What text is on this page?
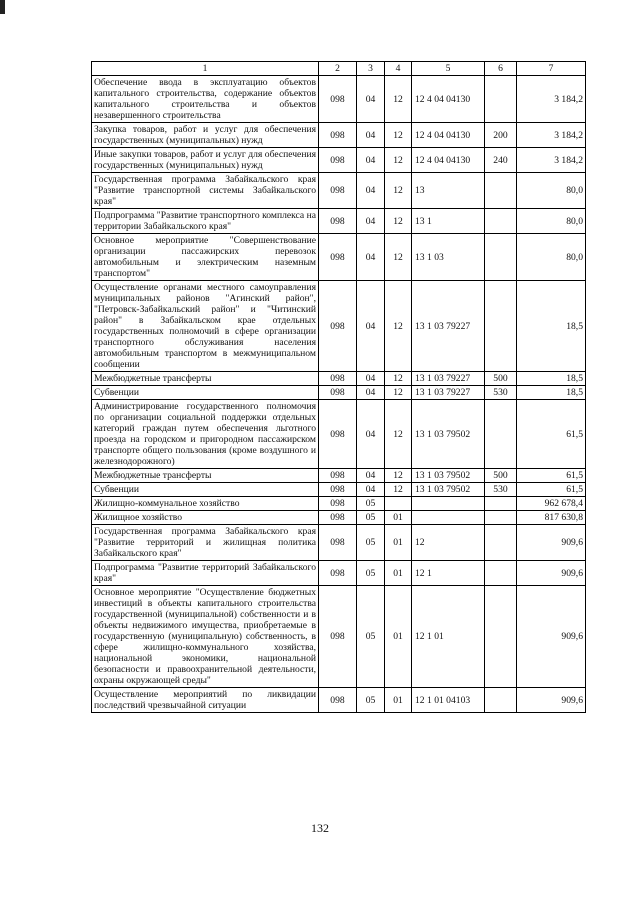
1	2	3	4	5	6	7
Обеспечение ввода в эксплуатацию объектов капитального строительства, содержание объектов капитального строительства и объектов незавершенного строительства	098	04	12	12 4 04 04130		3 184,2
Закупка товаров, работ и услуг для обеспечения государственных (муниципальных) нужд	098	04	12	12 4 04 04130	200	3 184,2
Иные закупки товаров, работ и услуг для обеспечения государственных (муниципальных) нужд	098	04	12	12 4 04 04130	240	3 184,2
Государственная программа Забайкальского края "Развитие транспортной системы Забайкальского края"	098	04	12	13		80,0
Подпрограмма "Развитие транспортного комплекса на территории Забайкальского края"	098	04	12	13 1		80,0
Основное мероприятие "Совершенствование организации пассажирских перевозок автомобильным и электрическим наземным транспортом"	098	04	12	13 1 03		80,0
Осуществление органами местного самоуправления муниципальных районов "Агинский район", "Петровск-Забайкальский район" и "Читинский район" в Забайкальском крае отдельных государственных полномочий в сфере организации транспортного обслуживания населения автомобильным транспортом в межмуниципальном сообщении	098	04	12	13 1 03 79227		18,5
Межбюджетные трансферты	098	04	12	13 1 03 79227	500	18,5
Субвенции	098	04	12	13 1 03 79227	530	18,5
Администрирование государственного полномочия по организации социальной поддержки отдельных категорий граждан путем обеспечения льготного проезда на городском и пригородном пассажирском транспорте общего пользования (кроме воздушного и железнодорожного)	098	04	12	13 1 03 79502		61,5
Межбюджетные трансферты	098	04	12	13 1 03 79502	500	61,5
Субвенции	098	04	12	13 1 03 79502	530	61,5
Жилищно-коммунальное хозяйство	098	05				962 678,4
Жилищное хозяйство	098	05	01			817 630,8
Государственная программа Забайкальского края "Развитие территорий и жилищная политика Забайкальского края"	098	05	01	12		909,6
Подпрограмма "Развитие территорий Забайкальского края"	098	05	01	12 1		909,6
Основное мероприятие "Осуществление бюджетных инвестиций в объекты капитального строительства государственной (муниципальной) собственности и в объекты недвижимого имущества, приобретаемые в государственную (муниципальную) собственность, в сфере жилищно-коммунального хозяйства, национальной экономики, национальной безопасности и правоохранительной деятельности, охраны окружающей среды"	098	05	01	12 1 01		909,6
Осуществление мероприятий по ликвидации последствий чрезвычайной ситуации	098	05	01	12 1 01 04103		909,6
132
